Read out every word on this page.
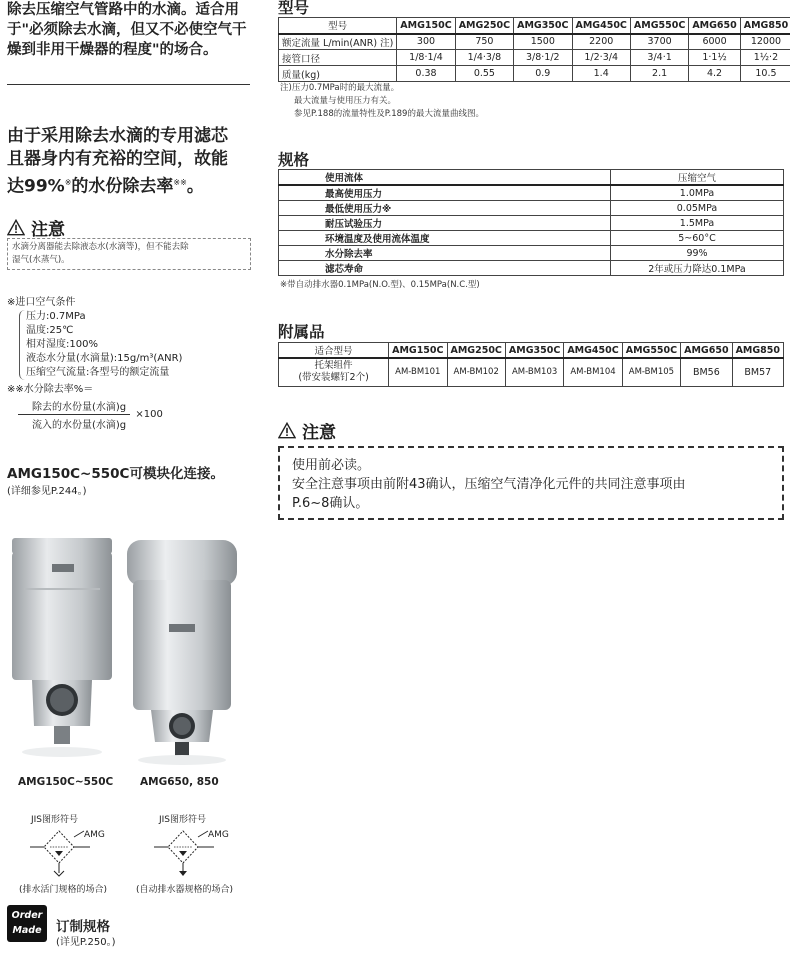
除去压缩空气管路中的水滴。适合用
于"必须除去水滴，但又不必使空气干
燥到非用干燥器的程度"的场合。
由于采用除去水滴的专用滤芯
且器身内有充裕的空间，故能
达99%※的水份除去率※※。
注意
水滴分离器能去除液态水(水滴等)，但不能去除
湿气(水蒸气)。
※进口空气条件
压力:0.7MPa
温度:25℃
相对湿度:100%
液态水分量(水滴量):15g/m³(ANR)
压缩空气流量:各型号的额定流量
※※水分除去率%＝
$\frac{\text{除去的水份量(水滴)g}}{\text{流入的水份量(水滴)g}} \times 100$
AMG150C~550C可模块化连接。
(详细参见P.244。)
AMG150C~550C	AMG650, 850
JIS图形符号
AMG
(排水活门规格的场合)
JIS图形符号
AMG
(自动排水器规格的场合)
Order
Made	订制规格
(详见P.250。)
型号
型号	AMG150C	AMG250C	AMG350C	AMG450C	AMG550C	AMG650	AMG850
额定流量 L/min(ANR) 注)	300	750	1500	2200	3700	6000	12000
接管口径	1/8·1/4	1/4·3/8	3/8·1/2	1/2·3/4	3/4·1	1·1½	1½·2
质量(kg)	0.38	0.55	0.9	1.4	2.1	4.2	10.5
注)压力0.7MPa时的最大流量。
最大流量与使用压力有关。
参见P.188的流量特性及P.189的最大流量曲线图。
规格
使用流体	压缩空气
最高使用压力	1.0MPa
最低使用压力※	0.05MPa
耐压试验压力	1.5MPa
环境温度及使用流体温度	5~60°C
水分除去率	99%
滤芯寿命	2年或压力降达0.1MPa
※带自动排水器0.1MPa(N.O.型)、0.15MPa(N.C.型)
附属品
适合型号	AMG150C	AMG250C	AMG350C	AMG450C	AMG550C	AMG650	AMG850

托架组件
(带安装螺钉2个)	AM-BM101	AM-BM102	AM-BM103	AM-BM104	AM-BM105	BM56	BM57
注意
使用前必读。
安全注意事项由前附43确认，压缩空气清净化元件的共同注意事项由
P.6~8确认。
